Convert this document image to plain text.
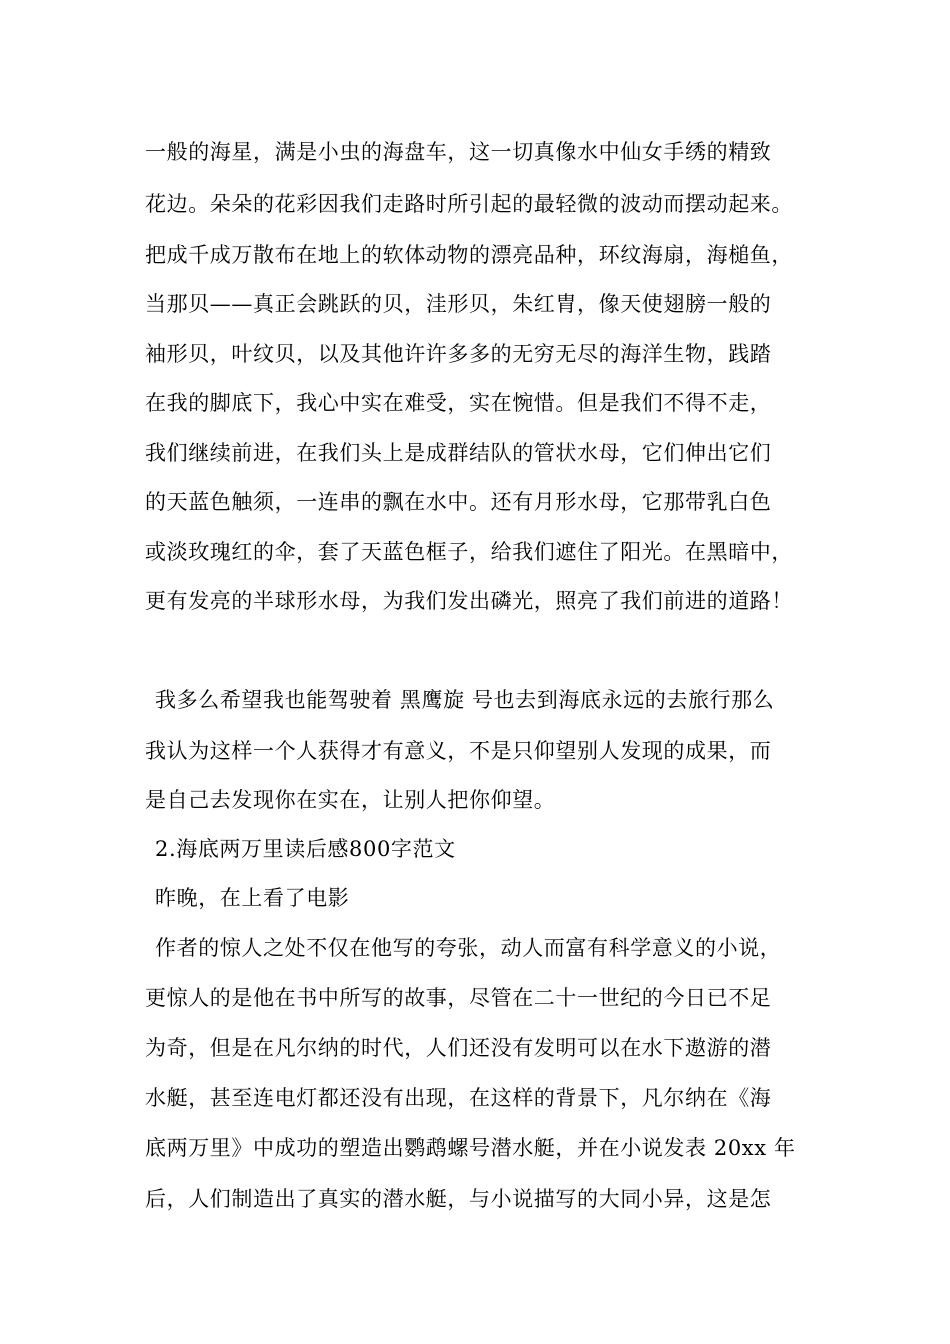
一般的海星，满是小虫的海盘车，这一切真像水中仙女手绣的精致
花边。朵朵的花彩因我们走路时所引起的最轻微的波动而摆动起来。
把成千成万散布在地上的软体动物的漂亮品种，环纹海扇，海槌鱼，
当那贝——真正会跳跃的贝，洼形贝，朱红胄，像天使翅膀一般的
袖形贝，叶纹贝，以及其他许许多多的无穷无尽的海洋生物，践踏
在我的脚底下，我心中实在难受，实在惋惜。但是我们不得不走，
我们继续前进，在我们头上是成群结队的管状水母，它们伸出它们
的天蓝色触须，一连串的飘在水中。还有月形水母，它那带乳白色
或淡玫瑰红的伞，套了天蓝色框子，给我们遮住了阳光。在黑暗中，
更有发亮的半球形水母，为我们发出磷光，照亮了我们前进的道路！
我多么希望我也能驾驶着 黑鹰旋 号也去到海底永远的去旅行那么
我认为这样一个人获得才有意义，不是只仰望别人发现的成果，而
是自己去发现你在实在，让别人把你仰望。
2.海底两万里读后感800字范文
昨晚，在上看了电影
作者的惊人之处不仅在他写的夸张，动人而富有科学意义的小说，
更惊人的是他在书中所写的故事，尽管在二十一世纪的今日已不足
为奇，但是在凡尔纳的时代，人们还没有发明可以在水下遨游的潜
水艇，甚至连电灯都还没有出现，在这样的背景下，凡尔纳在《海
底两万里》中成功的塑造出鹦鹉螺号潜水艇，并在小说发表 20xx 年
后，人们制造出了真实的潜水艇，与小说描写的大同小异，这是怎
